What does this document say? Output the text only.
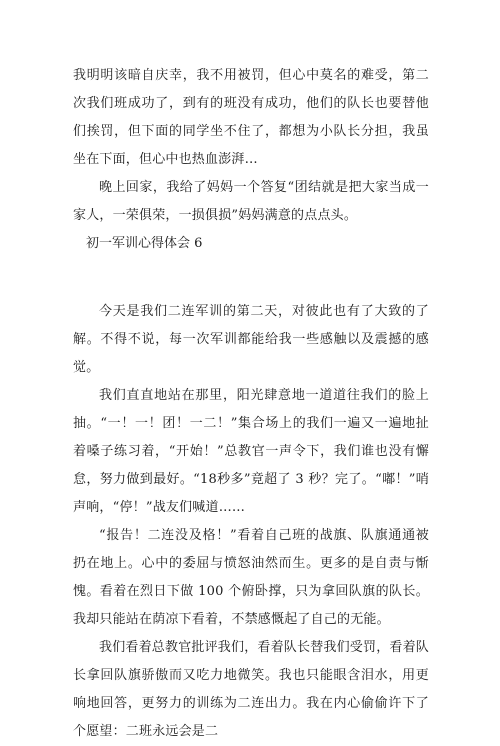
我明明该暗自庆幸，我不用被罚，但心中莫名的难受，第二次我们班成功了，到有的班没有成功，他们的队长也要替他们挨罚，但下面的同学坐不住了，都想为小队长分担，我虽坐在下面，但心中也热血澎湃…

晚上回家，我给了妈妈一个答复“团结就是把大家当成一家人，一荣俱荣，一损俱损”妈妈满意的点点头。

初一军训心得体会 6

今天是我们二连军训的第二天，对彼此也有了大致的了解。不得不说，每一次军训都能给我一些感触以及震撼的感觉。

我们直直地站在那里，阳光肆意地一道道往我们的脸上抽。“一！一！团！一二！”集合场上的我们一遍又一遍地扯着嗓子练习着，“开始！”总教官一声令下，我们谁也没有懈怠，努力做到最好。“18秒多”竟超了 3 秒？完了。“嘟！”哨声响，“停！”战友们喊道……

“报告！二连没及格！”看着自己班的战旗、队旗通通被扔在地上。心中的委屈与愤怒油然而生。更多的是自责与惭愧。看着在烈日下做 100 个俯卧撑，只为拿回队旗的队长。我却只能站在荫凉下看着，不禁感慨起了自己的无能。

我们看着总教官批评我们，看着队长替我们受罚，看着队长拿回队旗骄傲而又吃力地微笑。我也只能眼含泪水，用更响地回答，更努力的训练为二连出力。我在内心偷偷许下了个愿望：二班永远会是二
